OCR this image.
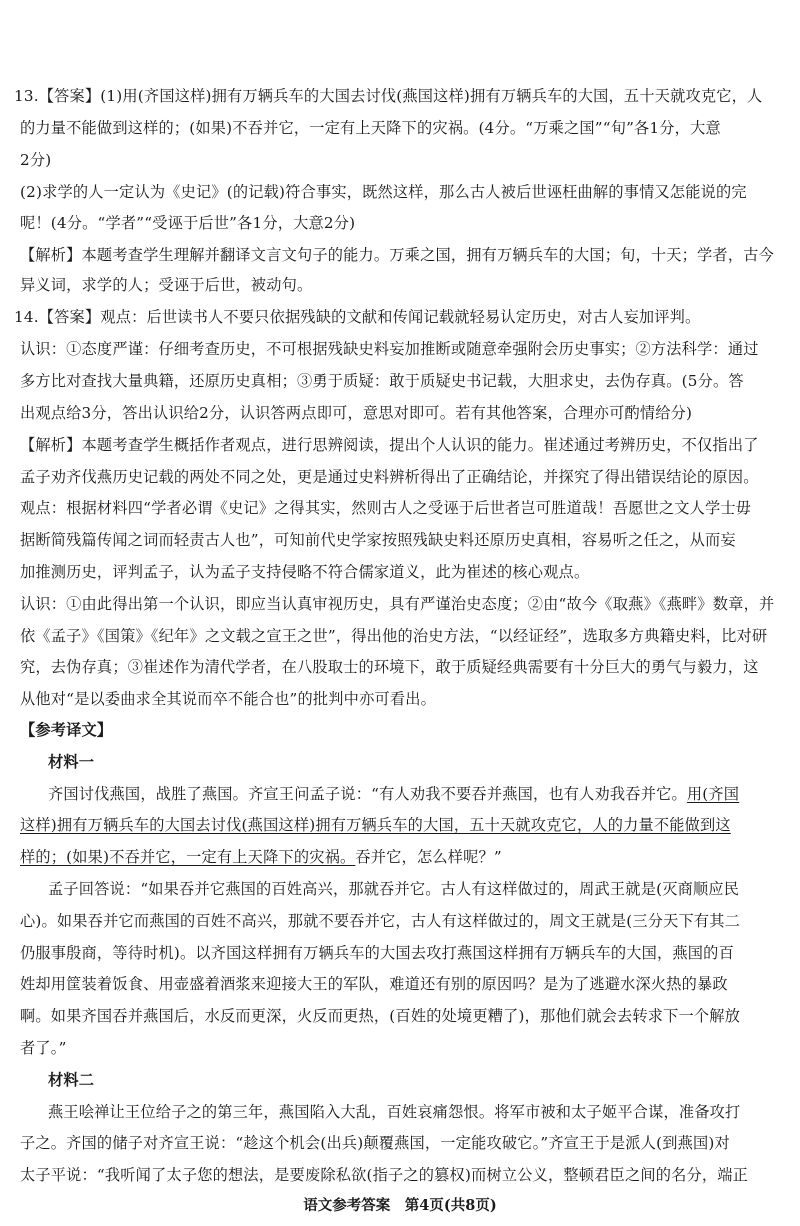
13.【答案】(1)用(齐国这样)拥有万辆兵车的大国去讨伐(燕国这样)拥有万辆兵车的大国，五十天就攻克它，人
的力量不能做到这样的；(如果)不吞并它，一定有上天降下的灾祸。(4分。“万乘之国”“旬”各1分，大意
2分)
(2)求学的人一定认为《史记》(的记载)符合事实，既然这样，那么古人被后世诬枉曲解的事情又怎能说的完
呢！(4分。“学者”“受诬于后世”各1分，大意2分)
【解析】本题考查学生理解并翻译文言文句子的能力。万乘之国，拥有万辆兵车的大国；旬，十天；学者，古今
异义词，求学的人；受诬于后世，被动句。
14.【答案】观点：后世读书人不要只依据残缺的文献和传闻记载就轻易认定历史，对古人妄加评判。
认识：①态度严谨：仔细考查历史，不可根据残缺史料妄加推断或随意牵强附会历史事实；②方法科学：通过
多方比对查找大量典籍，还原历史真相；③勇于质疑：敢于质疑史书记载，大胆求史，去伪存真。(5分。答
出观点给3分，答出认识给2分，认识答两点即可，意思对即可。若有其他答案，合理亦可酌情给分)
【解析】本题考查学生概括作者观点，进行思辨阅读，提出个人认识的能力。崔述通过考辨历史，不仅指出了
孟子劝齐伐燕历史记载的两处不同之处，更是通过史料辨析得出了正确结论，并探究了得出错误结论的原因。
观点：根据材料四“学者必谓《史记》之得其实，然则古人之受诬于后世者岂可胜道哉！吾愿世之文人学士毋
据断简残篇传闻之词而轻责古人也”，可知前代史学家按照残缺史料还原历史真相，容易听之任之，从而妄
加推测历史，评判孟子，认为孟子支持侵略不符合儒家道义，此为崔述的核心观点。
认识：①由此得出第一个认识，即应当认真审视历史，具有严谨治史态度；②由“故今《取燕》《燕畔》数章，并
依《孟子》《国策》《纪年》之文载之宣王之世”，得出他的治史方法，“以经证经”，选取多方典籍史料，比对研
究，去伪存真；③崔述作为清代学者，在八股取士的环境下，敢于质疑经典需要有十分巨大的勇气与毅力，这
从他对“是以委曲求全其说而卒不能合也”的批判中亦可看出。
【参考译文】
材料一
齐国讨伐燕国，战胜了燕国。齐宣王问孟子说：“有人劝我不要吞并燕国，也有人劝我吞并它。用(齐国
这样)拥有万辆兵车的大国去讨伐(燕国这样)拥有万辆兵车的大国，五十天就攻克它，人的力量不能做到这
样的；(如果)不吞并它，一定有上天降下的灾祸。吞并它，怎么样呢？”
孟子回答说：“如果吞并它燕国的百姓高兴，那就吞并它。古人有这样做过的，周武王就是(灭商顺应民
心)。如果吞并它而燕国的百姓不高兴，那就不要吞并它，古人有这样做过的，周文王就是(三分天下有其二
仍服事殷商，等待时机)。以齐国这样拥有万辆兵车的大国去攻打燕国这样拥有万辆兵车的大国，燕国的百
姓却用筐装着饭食、用壶盛着酒浆来迎接大王的军队，难道还有别的原因吗？是为了逃避水深火热的暴政
啊。如果齐国吞并燕国后，水反而更深，火反而更热，(百姓的处境更糟了)，那他们就会去转求下一个解放
者了。”
材料二
燕王哙禅让王位给子之的第三年，燕国陷入大乱，百姓哀痛怨恨。将军市被和太子姬平合谋，准备攻打
子之。齐国的储子对齐宣王说：“趁这个机会(出兵)颠覆燕国，一定能攻破它。”齐宣王于是派人(到燕国)对
太子平说：“我听闻了太子您的想法，是要废除私欲(指子之的篡权)而树立公义，整顿君臣之间的名分，端正
语文参考答案　第4页(共8页)
